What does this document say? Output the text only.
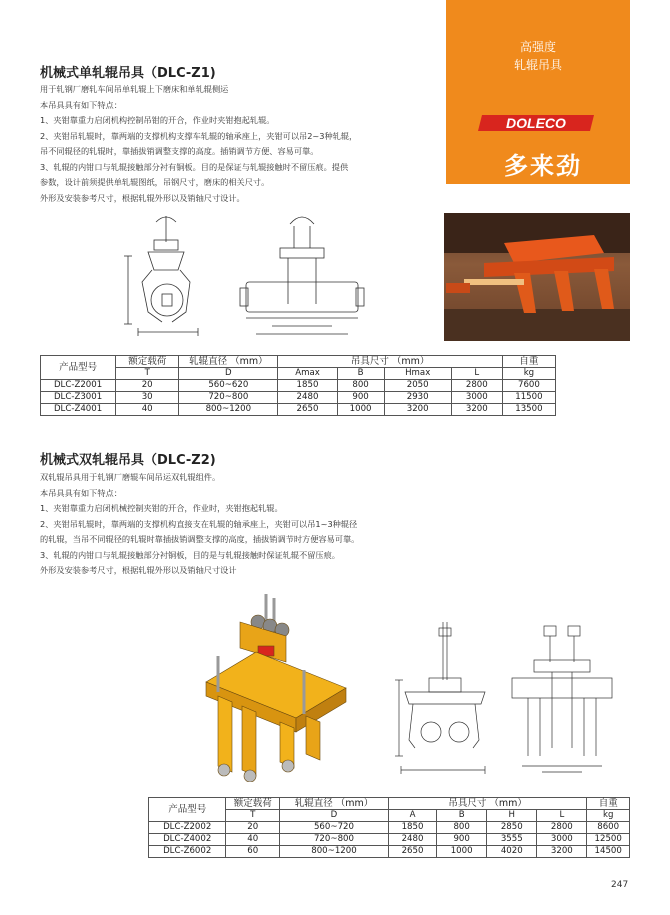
高强度
轧辊吊具
DOLECO
多来劲
机械式单轧辊吊具（DLC-Z1)
用于轧钢厂磨轧车间吊单轧辊上下磨床和单轧辊侧运
本吊具具有如下特点：
1、夹钳靠重力启闭机构控制吊钳的开合，作业时夹钳抱起轧辊。
2、夹钳吊轧辊时，靠两端的支撑机构支撑车轧辊的轴承座上，夹钳可以吊2~3种轧辊，
吊不同辊径的轧辊时，靠插拔销调整支撑的高度。插销调节方便、容易可靠。
3、轧辊的内钳口与轧辊接触部分衬有铜板。目的是保证与轧辊接触时不留压痕。提供
参数，设计前须提供单轧辊图纸，吊钢尺寸，磨床的相关尺寸。
外形及安装参考尺寸，根据轧辊外形以及销轴尺寸设计。
产品型号	额定载荷	轧辊直径 （mm）	吊具尺寸 （mm）				自重
	T	D	Amax	B	Hmax	L	kg
DLC-Z2001	20	560~620	1850	800	2050	2800	7600
DLC-Z3001	30	720~800	2480	900	2930	3000	11500
DLC-Z4001	40	800~1200	2650	1000	3200	3200	13500
机械式双轧辊吊具（DLC-Z2)
双轧辊吊具用于轧钢厂磨辊车间吊运双轧辊组件。
本吊具具有如下特点：
1、夹钳靠重力启闭机械控制夹钳的开合，作业时，夹钳抱起轧辊。
2、夹钳吊轧辊时，靠两端的支撑机构直接支在轧辊的轴承座上，夹钳可以吊1~3种辊径
的轧辊，当吊不同辊径的轧辊时靠插拔销调整支撑的高度，插拔销调节时方便容易可靠。
3、轧辊的内钳口与轧辊接触部分衬铜板，目的是与轧辊接触时保证轧辊不留压痕。
外形及安装参考尺寸，根据轧辊外形以及销轴尺寸设计
产品型号	额定载荷	轧辊直径 （mm）	吊具尺寸 （mm）				自重
	T	D	A	B	H	L	kg
DLC-Z2002	20	560~720	1850	800	2850	2800	8600
DLC-Z4002	40	720~800	2480	900	3555	3000	12500
DLC-Z6002	60	800~1200	2650	1000	4020	3200	14500
247
